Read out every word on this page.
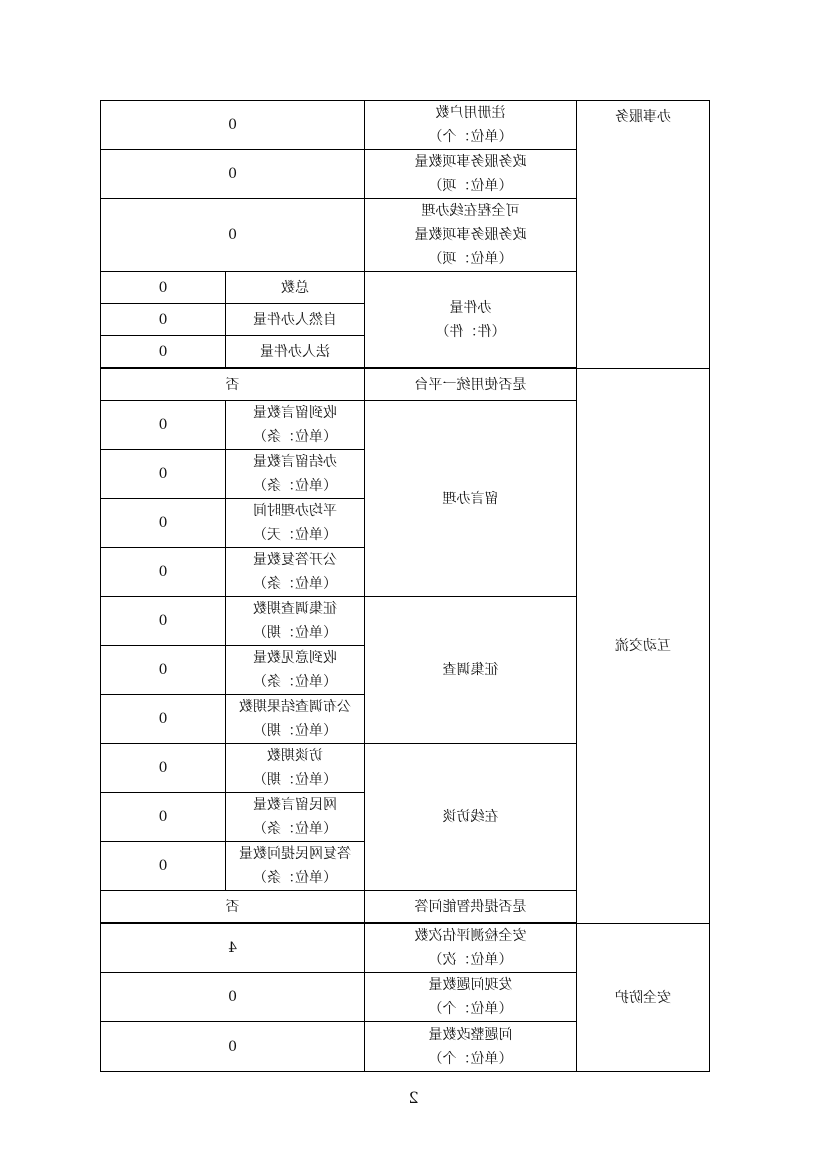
办事服务	注册用户数
（单位：个）	0	

	政务服务事项数量
（单位：项）	0	

	可全程在线办理
政务服务事项数量
（单位：项）	0	

	办件量
（件：件）	总数	0
		自然人办件量	0
		法人办件量	0

互动交流	是否使用统一平台	否	
	留言办理	收到留言数量
（单位：条）	0

		办结留言数量
（单位：条）	0

		平均办理时间
（单位：天）	0

		公开答复数量
（单位：条）	0
	征集调查	征集调查期数
（单位：期）	0

		收到意见数量
（单位：条）	0

		公布调查结果期数
（单位：期）	0
	在线访谈	访谈期数
（单位：期）	0

		网民留言数量
（单位：条）	0

		答复网民提问数量
（单位：条）	0
	是否提供智能问答	否	

安全防护	安全检测评估次数
（单位：次）	4	

	发现问题数量
（单位：个）	0	

	问题整改数量
（单位：个）	0	
2
